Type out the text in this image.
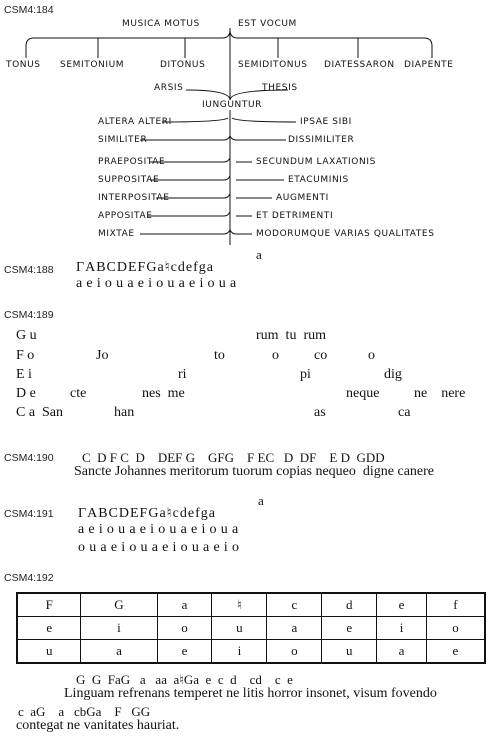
CSM4:184
MUSICA MOTUS	EST VOCUM
TONUS SEMITONIUM	DITONUS	SEMIDITONUS DIATESSARON DIAPENTE
ARSIS	THESIS
IUNGUNTUR
ALTERA ALTERI
SIMILITER
PRAEPOSITAE
SUPPOSITAE
INTERPOSITAE
APPOSITAE
MIXTAE
IPSAE SIBI
DISSIMILITER
SECUNDUM LAXATIONIS
ETACUMINIS
AUGMENTI
ET DETRIMENTI
MODORUMQUE VARIAS QUALITATES
CSM4:188
a
ΓABCDEFGa♮cdefga
aeiouaeiouaeioua
CSM4:189
G u	rum  tu  rum
F o	Jo	to	o	co	o
E i	ri	pi	dig
D e cte	nes  me	neque ne    nere
C a San	han	as	ca
CSM4:190 C  D F C  D    DEF G    GFG    F EC   D  DF    E D  GDD
Sancte Johannes meritorum tuorum copias nequeo  digne canere
CSM4:191
a
ΓABCDEFGa♮cdefga
aeiouaeiouaeioua
ouaeiouaeiouaeio
CSM4:192
F	G	a	♮	c	d	e	f
e	i	o	u	a	e	i	o
u	a	e	i	o	u	a	e
G  G  FaG   a   aa  a♮Ga  e  c  d    cd    c  e
Linguam refrenans temperet ne litis horror insonet, visum fovendo
c  aG    a   cbGa    F   GG
contegat ne vanitates hauriat.
